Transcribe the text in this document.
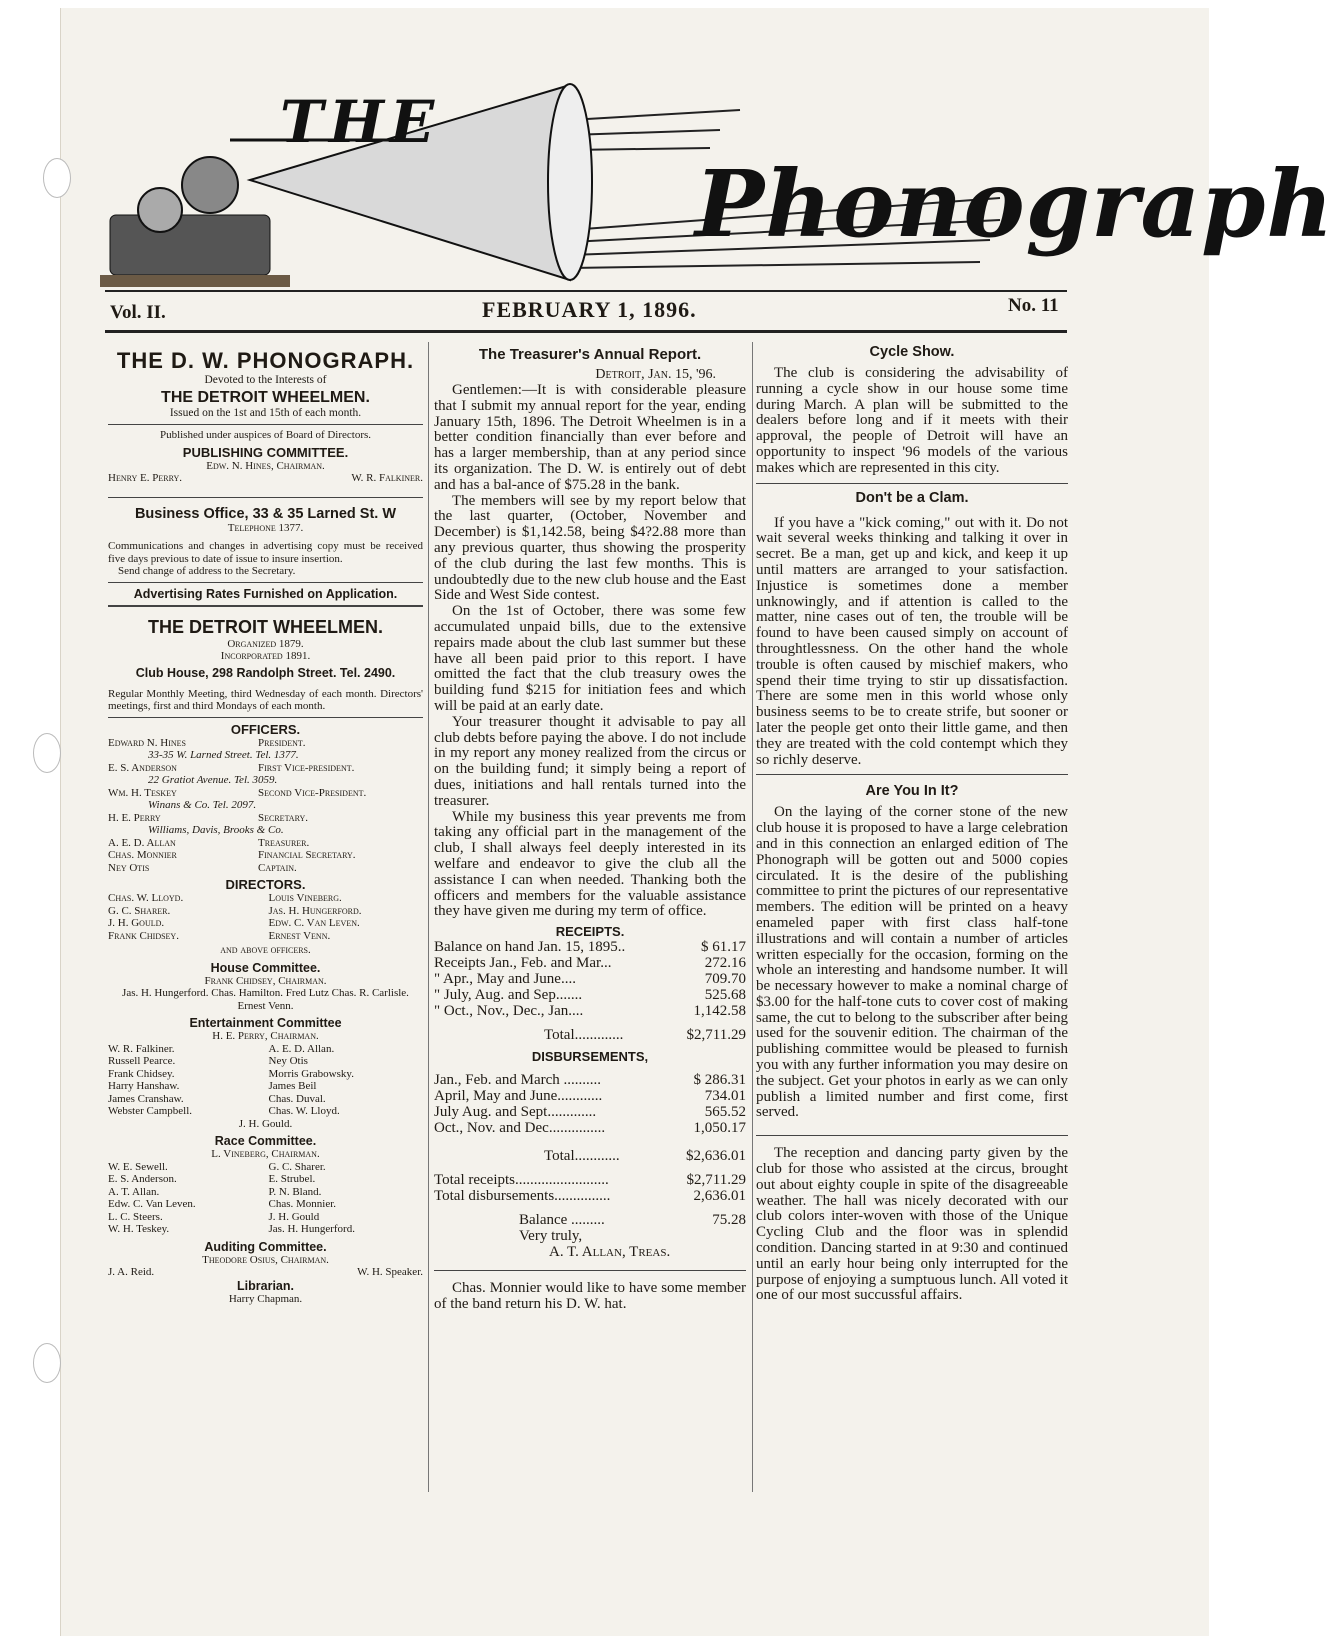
THE
Phonograph
Vol. II.	FEBRUARY 1, 1896.	No. 11
THE D. W. PHONOGRAPH.
Devoted to the Interests of
THE DETROIT WHEELMEN.
Issued on the 1st and 15th of each month.
Published under auspices of Board of Directors.
PUBLISHING COMMITTEE.
Edw. N. Hines, Chairman.
Henry E. Perry.	W. R. Falkiner.
Business Office, 33 & 35 Larned St. W
Telephone 1377.
Communications and changes in advertising copy must be received five days previous to date of issue to insure insertion.
Send change of address to the Secretary.
Advertising Rates Furnished on Application.
THE DETROIT WHEELMEN.
Organized 1879.
Incorporated 1891.
Club House, 298 Randolph Street. Tel. 2490.
Regular Monthly Meeting, third Wednesday of each month. Directors' meetings, first and third Mondays of each month.
OFFICERS.
Edward N. Hines	President.
33-35 W. Larned Street. Tel. 1377.
E. S. Anderson	First Vice-president.
22 Gratiot Avenue. Tel. 3059.
Wm. H. Teskey	Second Vice-President.
Winans & Co. Tel. 2097.
H. E. Perry	Secretary.
Williams, Davis, Brooks & Co.
A. E. D. Allan	Treasurer.
Chas. Monnier	Financial Secretary.
Ney Otis	Captain.
DIRECTORS.
Chas. W. Lloyd.	Louis Vineberg.
G. C. Sharer.	Jas. H. Hungerford.
J. H. Gould.	Edw. C. Van Leven.
Frank Chidsey.	Ernest Venn.
and above officers.
House Committee.
Frank Chidsey, Chairman.
Jas. H. Hungerford. Chas. Hamilton. Fred Lutz Chas. R. Carlisle. Ernest Venn.
Entertainment Committee
H. E. Perry, Chairman.
W. R. Falkiner.	A. E. D. Allan.
Russell Pearce.	Ney Otis
Frank Chidsey.	Morris Grabowsky.
Harry Hanshaw.	James Beil
James Cranshaw.	Chas. Duval.
Webster Campbell.	Chas. W. Lloyd.
J. H. Gould.
Race Committee.
L. Vineberg, Chairman.
W. E. Sewell.	G. C. Sharer.
E. S. Anderson.	E. Strubel.
A. T. Allan.	P. N. Bland.
Edw. C. Van Leven.	Chas. Monnier.
L. C. Steers.	J. H. Gould
W. H. Teskey.	Jas. H. Hungerford.
Auditing Committee.
Theodore Osius, Chairman.
J. A. Reid.	W. H. Speaker.
Librarian.
Harry Chapman.
The Treasurer's Annual Report.
Detroit, Jan. 15, '96.

Gentlemen:—It is with considerable pleasure that I submit my annual report for the year, ending January 15th, 1896. The Detroit Wheelmen is in a better condition financially than ever before and has a larger membership, than at any period since its organization. The D. W. is entirely out of debt and has a bal-ance of $75.28 in the bank.

The members will see by my report below that the last quarter, (October, November and December) is $1,142.58, being $4?2.88 more than any previous quarter, thus showing the prosperity of the club during the last few months. This is undoubtedly due to the new club house and the East Side and West Side contest.

On the 1st of October, there was some few accumulated unpaid bills, due to the extensive repairs made about the club last summer but these have all been paid prior to this report. I have omitted the fact that the club treasury owes the building fund $215 for initiation fees and which will be paid at an early date.

Your treasurer thought it advisable to pay all club debts before paying the above. I do not include in my report any money realized from the circus or on the building fund; it simply being a report of dues, initiations and hall rentals turned into the treasurer.

While my business this year prevents me from taking any official part in the management of the club, I shall always feel deeply interested in its welfare and endeavor to give the club all the assistance I can when needed. Thanking both the officers and members for the valuable assistance they have given me during my term of office.

RECEIPTS.
Balance on hand Jan. 15, 1895..	$ 61.17
Receipts Jan., Feb. and Mar...	272.16
" Apr., May and June....	709.70
" July, Aug. and Sep.......	525.68
" Oct., Nov., Dec., Jan....	1,142.58
Total.............	$2,711.29
DISBURSEMENTS,
Jan., Feb. and March ..........	$ 286.31
April, May and June............	734.01
July Aug. and Sept.............	565.52
Oct., Nov. and Dec...............	1,050.17
Total............	$2,636.01
Total receipts.........................	$2,711.29
Total disbursements...............	2,636.01
Balance .........	75.28
Very truly,
A. T. Allan, Treas.

Chas. Monnier would like to have some member of the band return his D. W. hat.

Cycle Show.

The club is considering the advisability of running a cycle show in our house some time during March. A plan will be submitted to the dealers before long and if it meets with their approval, the people of Detroit will have an opportunity to inspect '96 models of the various makes which are represented in this city.

Don't be a Clam.

If you have a "kick coming," out with it. Do not wait several weeks thinking and talking it over in secret. Be a man, get up and kick, and keep it up until matters are arranged to your satisfaction. Injustice is sometimes done a member unknowingly, and if attention is called to the matter, nine cases out of ten, the trouble will be found to have been caused simply on account of throughtlessness. On the other hand the whole trouble is often caused by mischief makers, who spend their time trying to stir up dissatisfaction. There are some men in this world whose only business seems to be to create strife, but sooner or later the people get onto their little game, and then they are treated with the cold contempt which they so richly deserve.

Are You In It?

On the laying of the corner stone of the new club house it is proposed to have a large celebration and in this connection an enlarged edition of The Phonograph will be gotten out and 5000 copies circulated. It is the desire of the publishing committee to print the pictures of our representative members. The edition will be printed on a heavy enameled paper with first class half-tone illustrations and will contain a number of articles written especially for the occasion, forming on the whole an interesting and handsome number. It will be necessary however to make a nominal charge of $3.00 for the half-tone cuts to cover cost of making same, the cut to belong to the subscriber after being used for the souvenir edition. The chairman of the publishing committee would be pleased to furnish you with any further information you may desire on the subject. Get your photos in early as we can only publish a limited number and first come, first served.

The reception and dancing party given by the club for those who assisted at the circus, brought out about eighty couple in spite of the disagreeable weather. The hall was nicely decorated with our club colors inter-woven with those of the Unique Cycling Club and the floor was in splendid condition. Dancing started in at 9:30 and continued until an early hour being only interrupted for the purpose of enjoying a sumptuous lunch. All voted it one of our most succussful affairs.
